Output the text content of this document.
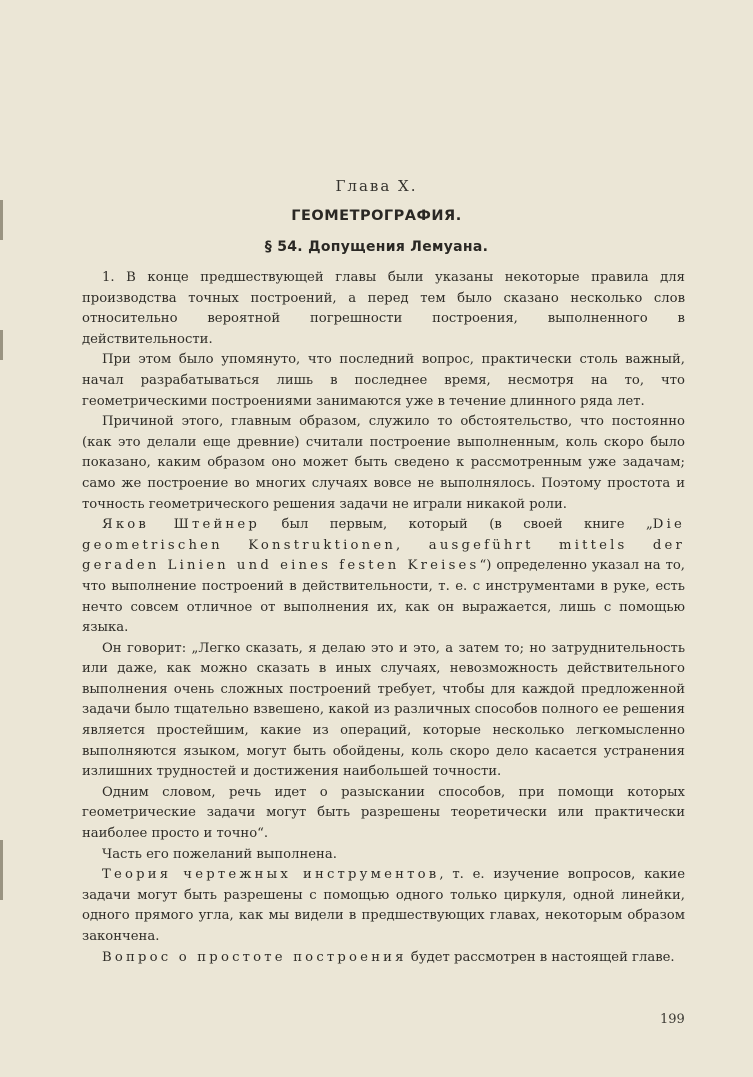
Глава X.
ГЕОМЕТРОГРАФИЯ.
§ 54. Допущения Лемуана.

1. В конце предшествующей главы были указаны некоторые правила для производства точных построений, а перед тем было сказано несколько слов относительно вероятной погрешности построения, выполненного в действительности.

При этом было упомянуто, что последний вопрос, практически столь важный, начал разрабатываться лишь в последнее время, несмотря на то, что геометрическими построениями занимаются уже в течение длинного ряда лет.

Причиной этого, главным образом, служило то обстоятельство, что постоянно (как это делали еще древние) считали построение выполненным, коль скоро было показано, каким образом оно может быть сведено к рассмотренным уже задачам; само же построение во многих случаях вовсе не выполнялось. Поэтому простота и точность геометрического решения задачи не играли никакой роли.

Яков Штейнер был первым, который (в своей книге „Die geometrischen Konstruktionen, ausgeführt mittels der geraden Linien und eines festen Kreises“) определенно указал на то, что выполнение построений в действительности, т. е. с инструментами в руке, есть нечто совсем отличное от выполнения их, как он выражается, лишь с помощью языка.

Он говорит: „Легко сказать, я делаю это и это, а затем то; но затруднительность или даже, как можно сказать в иных случаях, невозможность действительного выполнения очень сложных построений требует, чтобы для каждой предложенной задачи было тщательно взвешено, какой из различных способов полного ее решения является простейшим, какие из операций, которые несколько легкомысленно выполняются языком, могут быть обойдены, коль скоро дело касается устранения излишних трудностей и достижения наибольшей точности.

Одним словом, речь идет о разыскании способов, при помощи которых геометрические задачи могут быть разрешены теоретически или практически наиболее просто и точно“.

Часть его пожеланий выполнена.

Теория чертежных инструментов, т. е. изучение вопросов, какие задачи могут быть разрешены с помощью одного только циркуля, одной линейки, одного прямого угла, как мы видели в предшествующих главах, некоторым образом закончена.

Вопрос о простоте построения будет рассмотрен в настоящей главе.

199
